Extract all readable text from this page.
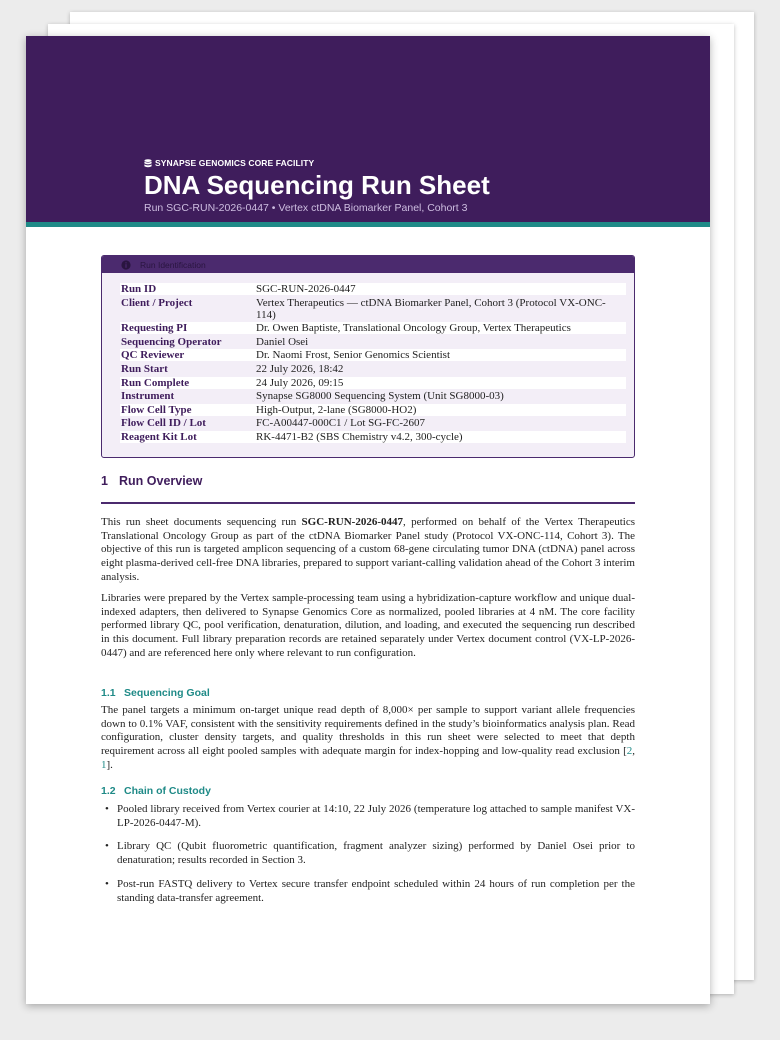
SYNAPSE GENOMICS CORE FACILITY
DNA Sequencing Run Sheet
Run SGC-RUN-2026-0447 • Vertex ctDNA Biomarker Panel, Cohort 3
Run Identification
Run ID	SGC-RUN-2026-0447
Client / Project	Vertex Therapeutics — ctDNA Biomarker Panel, Cohort 3 (Protocol VX-ONC-114)
Requesting PI	Dr. Owen Baptiste, Translational Oncology Group, Vertex Therapeutics
Sequencing Operator	Daniel Osei
QC Reviewer	Dr. Naomi Frost, Senior Genomics Scientist
Run Start	22 July 2026, 18:42
Run Complete	24 July 2026, 09:15
Instrument	Synapse SG8000 Sequencing System (Unit SG8000-03)
Flow Cell Type	High-Output, 2-lane (SG8000-HO2)
Flow Cell ID / Lot	FC-A00447-000C1 / Lot SG-FC-2607
Reagent Kit Lot	RK-4471-B2 (SBS Chemistry v4.2, 300-cycle)
1 Run Overview

This run sheet documents sequencing run SGC-RUN-2026-0447, performed on behalf of the Vertex Therapeutics Translational Oncology Group as part of the ctDNA Biomarker Panel study (Protocol VX-ONC-114, Cohort 3). The objective of this run is targeted amplicon sequencing of a custom 68-gene circulating tumor DNA (ctDNA) panel across eight plasma-derived cell-free DNA libraries, prepared to support variant-calling validation ahead of the Cohort 3 interim analysis.

Libraries were prepared by the Vertex sample-processing team using a hybridization-capture workflow and unique dual-indexed adapters, then delivered to Synapse Genomics Core as normalized, pooled libraries at 4 nM. The core facility performed library QC, pool verification, denaturation, dilution, and loading, and executed the sequencing run described in this document. Full library preparation records are retained separately under Vertex document control (VX-LP-2026-0447) and are referenced here only where relevant to run configuration.

1.1 Sequencing Goal

The panel targets a minimum on-target unique read depth of 8,000× per sample to support variant allele frequencies down to 0.1% VAF, consistent with the sensitivity requirements defined in the study’s bioinformatics analysis plan. Read configuration, cluster density targets, and quality thresholds in this run sheet were selected to meet that depth requirement across all eight pooled samples with adequate margin for index-hopping and low-quality read exclusion [2, 1].

1.2 Chain of Custody
• Pooled library received from Vertex courier at 14:10, 22 July 2026 (temperature log attached to sample manifest VX-LP-2026-0447-M).
• Library QC (Qubit fluorometric quantification, fragment analyzer sizing) performed by Daniel Osei prior to denaturation; results recorded in Section 3.
• Post-run FASTQ delivery to Vertex secure transfer endpoint scheduled within 24 hours of run completion per the standing data-transfer agreement.
